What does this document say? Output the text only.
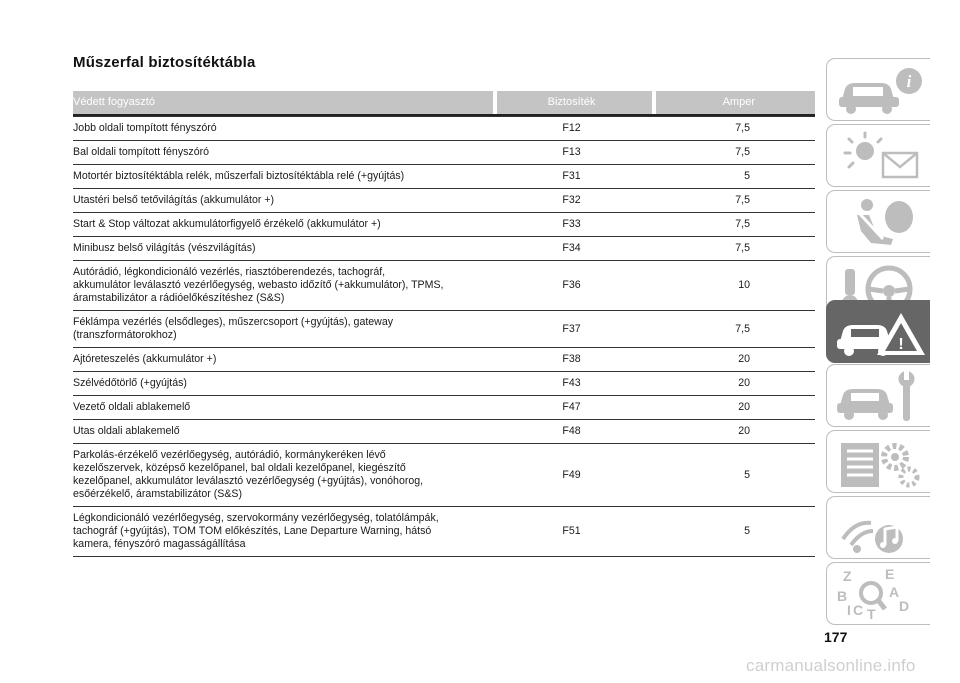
Műszerfal biztosítéktábla
Védett fogyasztó		Biztosíték		Amper

Jobb oldali tompított fényszóró		F12		7,5

Bal oldali tompított fényszóró		F13		7,5

Motortér biztosítéktábla relék, műszerfali biztosítéktábla relé (+gyújtás)		F31		5

Utastéri belső tetővilágítás (akkumulátor +)		F32		7,5

Start & Stop változat akkumulátorfigyelő érzékelő (akkumulátor +)		F33		7,5

Minibusz belső világítás (vészvilágítás)		F34		7,5

Autórádió, légkondicionáló vezérlés, riasztóberendezés, tachográf,
akkumulátor leválasztó vezérlőegység, webasto időzítő (+akkumulátor), TPMS,
áramstabilizátor a rádióelőkészítéshez (S&S)		F36		10

Féklámpa vezérlés (elsődleges), műszercsoport (+gyújtás), gateway
(transzformátorokhoz)		F37		7,5

Ajtóreteszelés (akkumulátor +)		F38		20

Szélvédőtörlő (+gyújtás)		F43		20

Vezető oldali ablakemelő		F47		20

Utas oldali ablakemelő		F48		20

Parkolás-érzékelő vezérlőegység, autórádió, kormánykeréken lévő
kezelőszervek, középső kezelőpanel, bal oldali kezelőpanel, kiegészítő
kezelőpanel, akkumulátor leválasztó vezérlőegység (+gyújtás), vonóhorog,
esőérzékelő, áramstabilizátor (S&S)		F49		5

Légkondicionáló vezérlőegység, szervokormány vezérlőegység, tolatólámpák,
tachográf (+gyújtás), TOM TOM előkészítés, Lane Departure Warning, hátsó
kamera, fényszóró magasságállítása		F51		5
i
!
Z E
B	A
C T D
I
177
carmanualsonline.info
